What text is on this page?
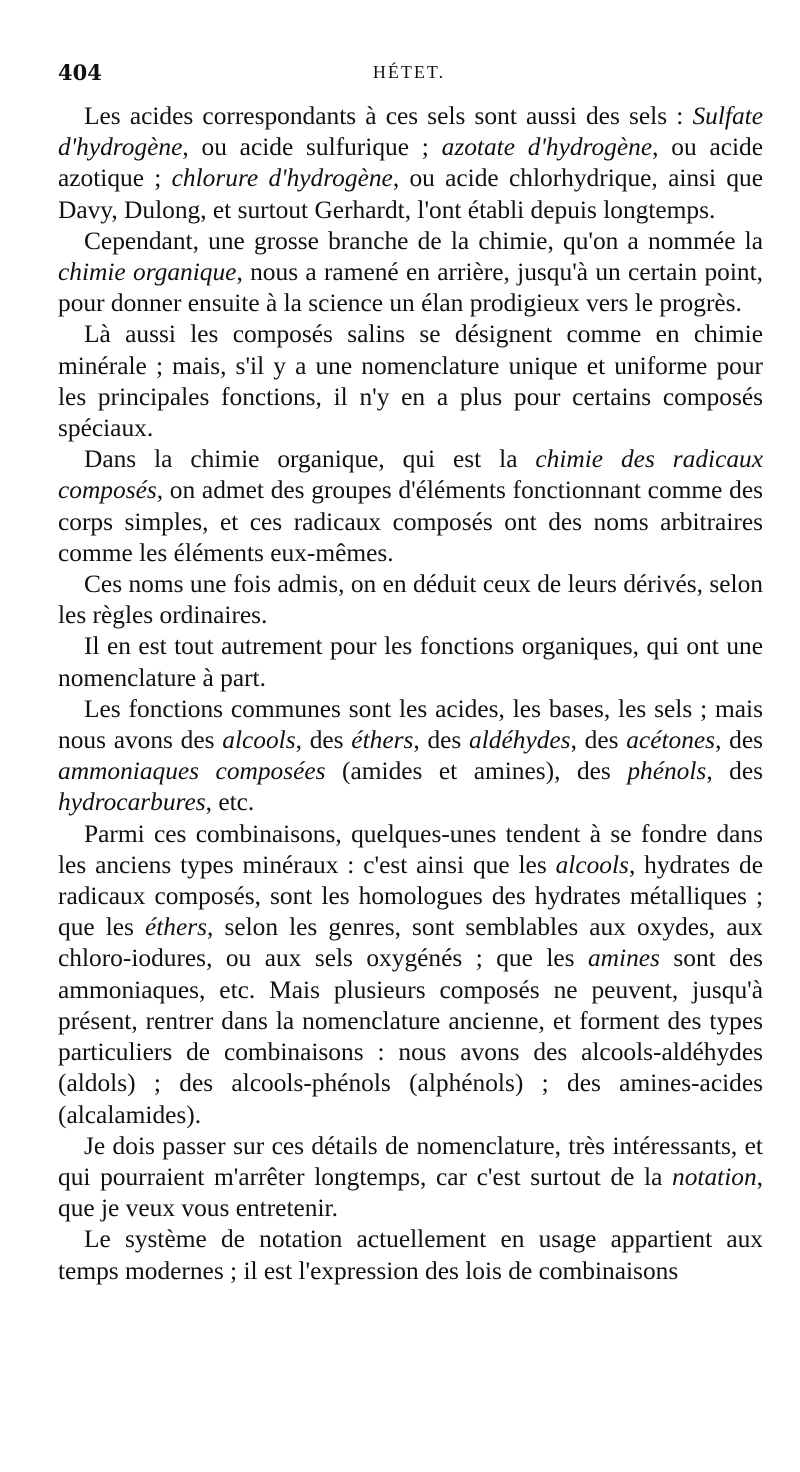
404	HÉTET.

Les acides correspondants à ces sels sont aussi des sels : Sulfate d'hydrogène, ou acide sulfurique ; azotate d'hydrogène, ou acide azotique ; chlorure d'hydrogène, ou acide chlorhydrique, ainsi que Davy, Dulong, et surtout Gerhardt, l'ont établi depuis longtemps.

Cependant, une grosse branche de la chimie, qu'on a nommée la chimie organique, nous a ramené en arrière, jusqu'à un certain point, pour donner ensuite à la science un élan prodigieux vers le progrès.

Là aussi les composés salins se désignent comme en chimie minérale ; mais, s'il y a une nomenclature unique et uniforme pour les principales fonctions, il n'y en a plus pour certains composés spéciaux.

Dans la chimie organique, qui est la chimie des radicaux composés, on admet des groupes d'éléments fonctionnant comme des corps simples, et ces radicaux composés ont des noms arbitraires comme les éléments eux-mêmes.

Ces noms une fois admis, on en déduit ceux de leurs dérivés, selon les règles ordinaires.

Il en est tout autrement pour les fonctions organiques, qui ont une nomenclature à part.

Les fonctions communes sont les acides, les bases, les sels ; mais nous avons des alcools, des éthers, des aldéhydes, des acétones, des ammoniaques composées (amides et amines), des phénols, des hydrocarbures, etc.

Parmi ces combinaisons, quelques-unes tendent à se fondre dans les anciens types minéraux : c'est ainsi que les alcools, hydrates de radicaux composés, sont les homologues des hydrates métalliques ; que les éthers, selon les genres, sont semblables aux oxydes, aux chloro-iodures, ou aux sels oxygénés ; que les amines sont des ammoniaques, etc. Mais plusieurs composés ne peuvent, jusqu'à présent, rentrer dans la nomenclature ancienne, et forment des types particuliers de combinaisons : nous avons des alcools-aldéhydes (aldols) ; des alcools-phénols (alphénols) ; des amines-acides (alcalamides).

Je dois passer sur ces détails de nomenclature, très intéressants, et qui pourraient m'arrêter longtemps, car c'est surtout de la notation, que je veux vous entretenir.

Le système de notation actuellement en usage appartient aux temps modernes ; il est l'expression des lois de combinaisons
